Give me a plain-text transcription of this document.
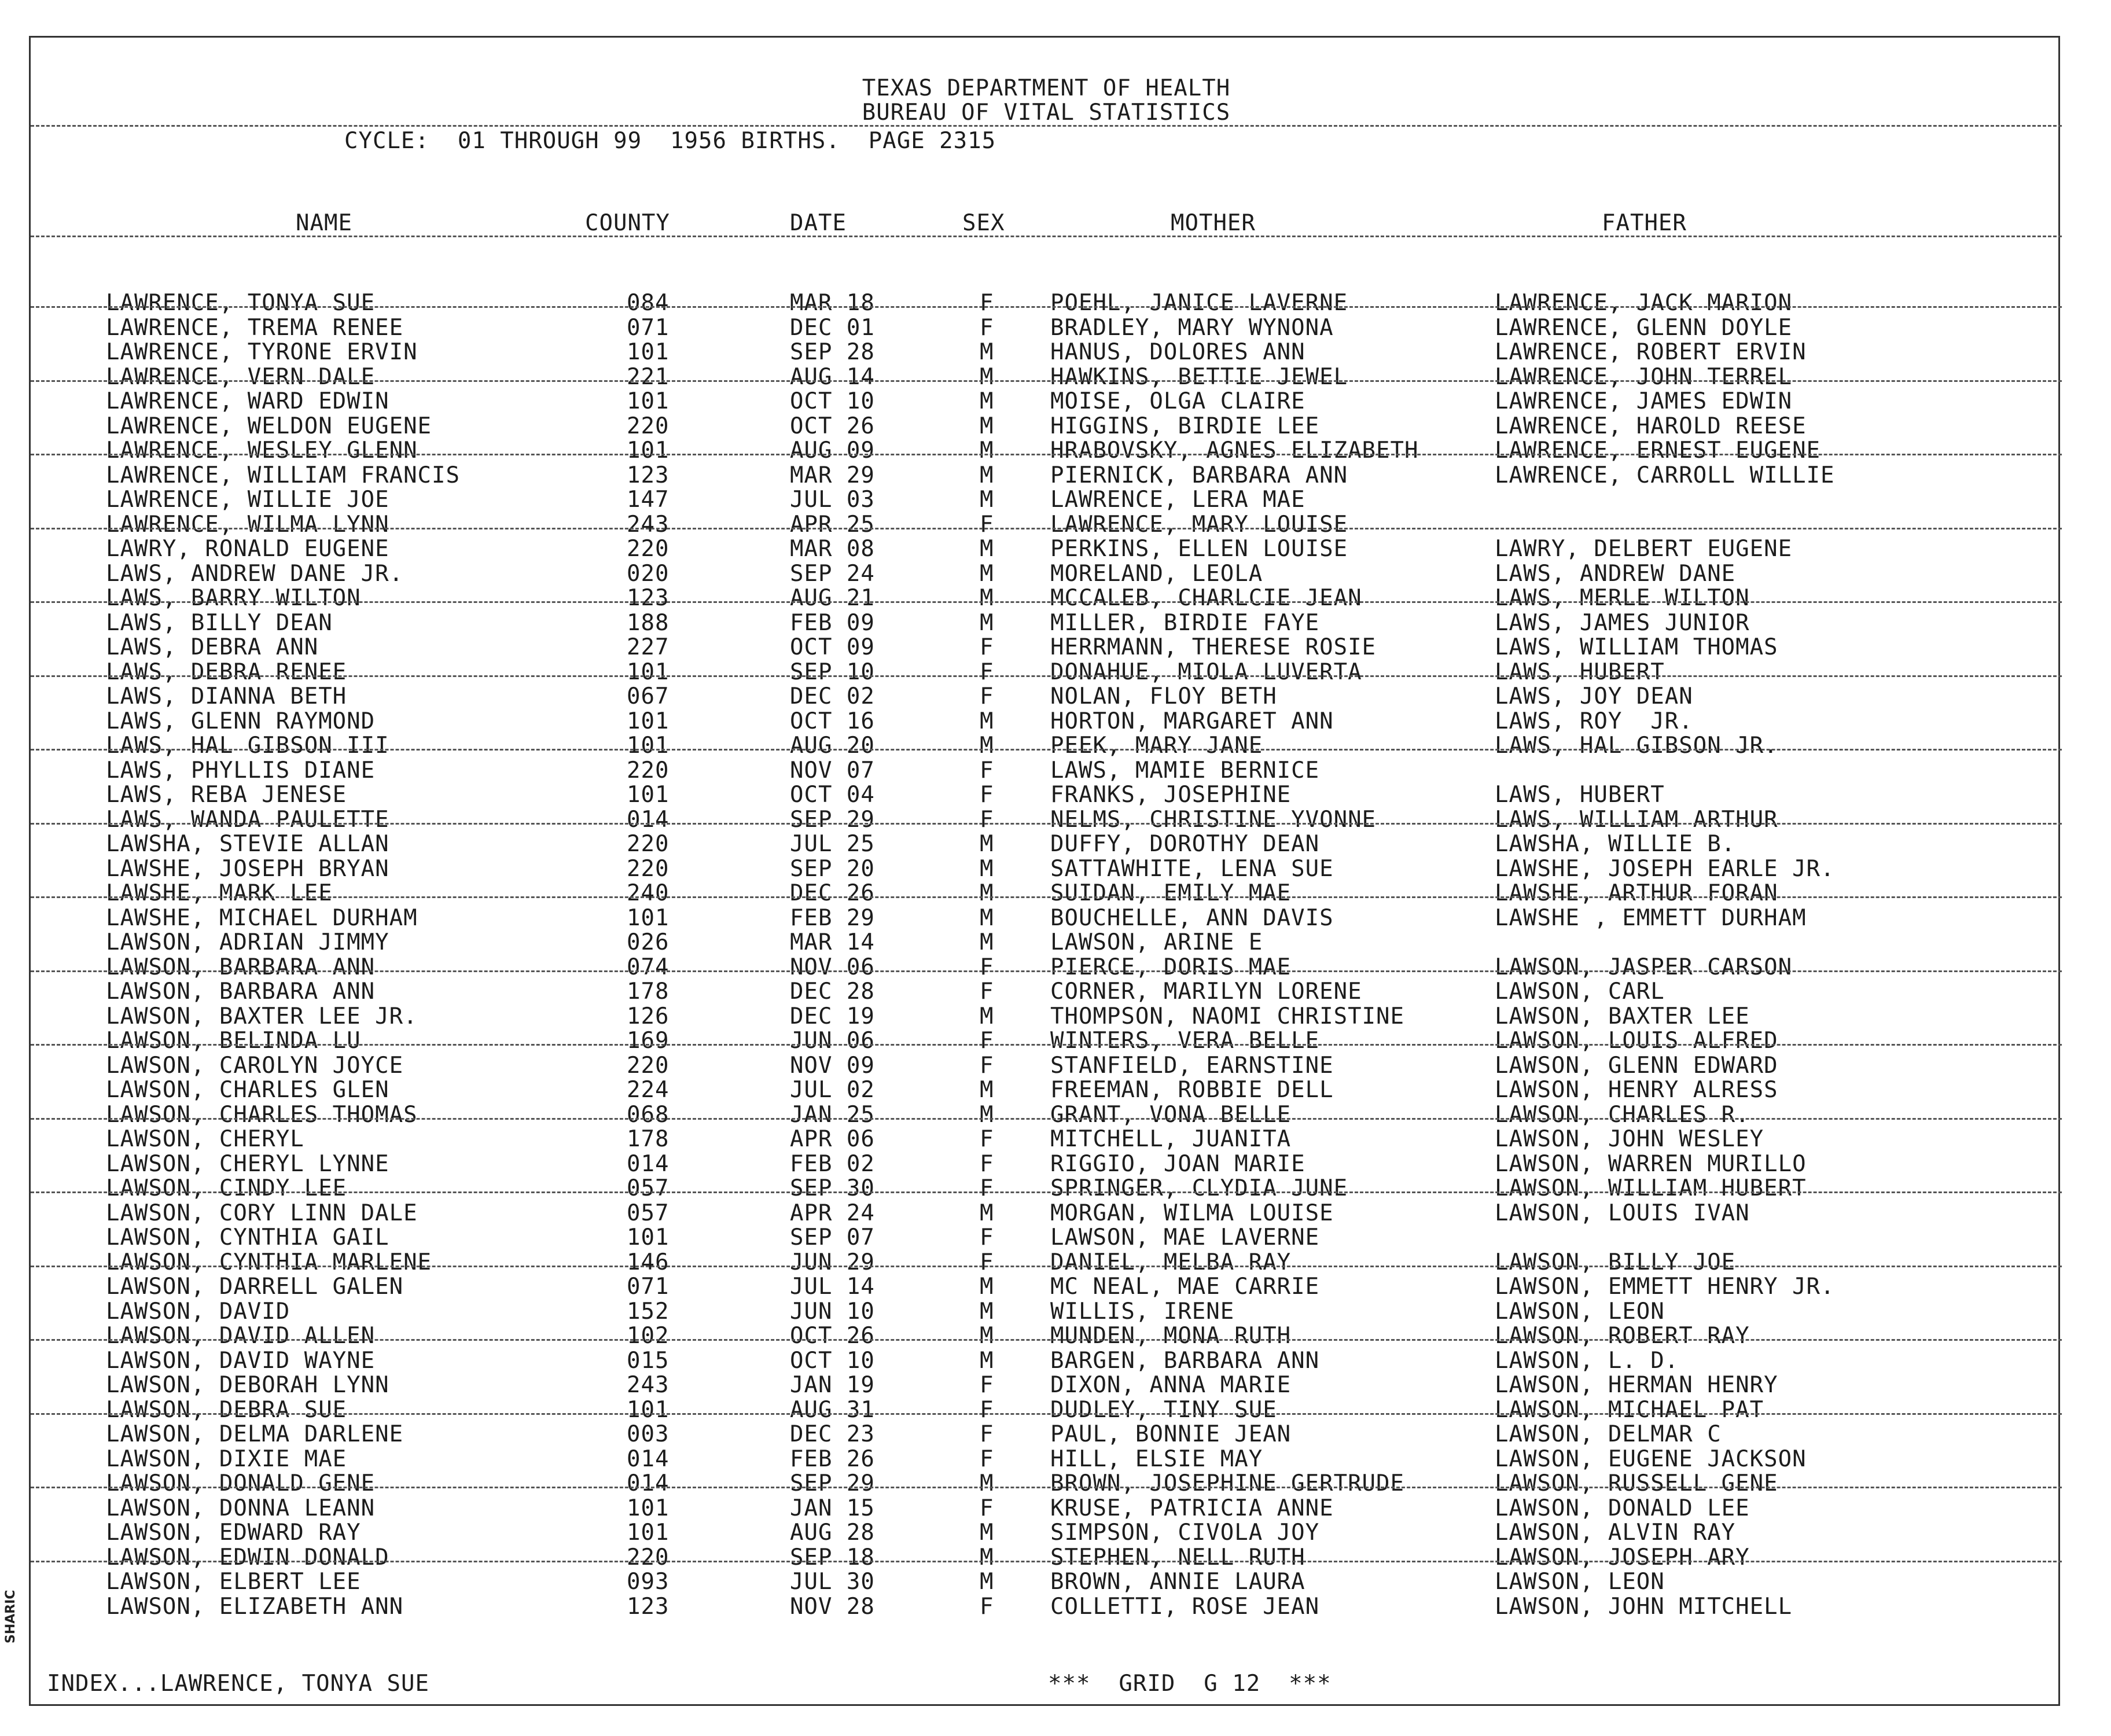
TEXAS DEPARTMENT OF HEALTH
BUREAU OF VITAL STATISTICS
CYCLE:  01 THROUGH 99  1956 BIRTHS.  PAGE 2315
NAME	COUNTY	DATE	SEX	MOTHER	FATHER
LAWRENCE, TONYA SUE	084	MAR 18	F	POEHL, JANICE LAVERNE	LAWRENCE, JACK MARION
LAWRENCE, TREMA RENEE	071	DEC 01	F	BRADLEY, MARY WYNONA	LAWRENCE, GLENN DOYLE
LAWRENCE, TYRONE ERVIN	101	SEP 28	M	HANUS, DOLORES ANN	LAWRENCE, ROBERT ERVIN
LAWRENCE, VERN DALE	221	AUG 14	M	HAWKINS, BETTIE JEWEL	LAWRENCE, JOHN TERREL
LAWRENCE, WARD EDWIN	101	OCT 10	M	MOISE, OLGA CLAIRE	LAWRENCE, JAMES EDWIN
LAWRENCE, WELDON EUGENE	220	OCT 26	M	HIGGINS, BIRDIE LEE	LAWRENCE, HAROLD REESE
LAWRENCE, WESLEY GLENN	101	AUG 09	M	HRABOVSKY, AGNES ELIZABETH	LAWRENCE, ERNEST EUGENE
LAWRENCE, WILLIAM FRANCIS	123	MAR 29	M	PIERNICK, BARBARA ANN	LAWRENCE, CARROLL WILLIE
LAWRENCE, WILLIE JOE	147	JUL 03	M	LAWRENCE, LERA MAE
LAWRENCE, WILMA LYNN	243	APR 25	F	LAWRENCE, MARY LOUISE
LAWRY, RONALD EUGENE	220	MAR 08	M	PERKINS, ELLEN LOUISE	LAWRY, DELBERT EUGENE
LAWS, ANDREW DANE JR.	020	SEP 24	M	MORELAND, LEOLA	LAWS, ANDREW DANE
LAWS, BARRY WILTON	123	AUG 21	M	MCCALEB, CHARLCIE JEAN	LAWS, MERLE WILTON
LAWS, BILLY DEAN	188	FEB 09	M	MILLER, BIRDIE FAYE	LAWS, JAMES JUNIOR
LAWS, DEBRA ANN	227	OCT 09	F	HERRMANN, THERESE ROSIE	LAWS, WILLIAM THOMAS
LAWS, DEBRA RENEE	101	SEP 10	F	DONAHUE, MIOLA LUVERTA	LAWS, HUBERT
LAWS, DIANNA BETH	067	DEC 02	F	NOLAN, FLOY BETH	LAWS, JOY DEAN
LAWS, GLENN RAYMOND	101	OCT 16	M	HORTON, MARGARET ANN	LAWS, ROY  JR.
LAWS, HAL GIBSON III	101	AUG 20	M	PEEK, MARY JANE	LAWS, HAL GIBSON JR.
LAWS, PHYLLIS DIANE	220	NOV 07	F	LAWS, MAMIE BERNICE
LAWS, REBA JENESE	101	OCT 04	F	FRANKS, JOSEPHINE	LAWS, HUBERT
LAWS, WANDA PAULETTE	014	SEP 29	F	NELMS, CHRISTINE YVONNE	LAWS, WILLIAM ARTHUR
LAWSHA, STEVIE ALLAN	220	JUL 25	M	DUFFY, DOROTHY DEAN	LAWSHA, WILLIE B.
LAWSHE, JOSEPH BRYAN	220	SEP 20	M	SATTAWHITE, LENA SUE	LAWSHE, JOSEPH EARLE JR.
LAWSHE, MARK LEE	240	DEC 26	M	SUIDAN, EMILY MAE	LAWSHE, ARTHUR FORAN
LAWSHE, MICHAEL DURHAM	101	FEB 29	M	BOUCHELLE, ANN DAVIS	LAWSHE , EMMETT DURHAM
LAWSON, ADRIAN JIMMY	026	MAR 14	M	LAWSON, ARINE E
LAWSON, BARBARA ANN	074	NOV 06	F	PIERCE, DORIS MAE	LAWSON, JASPER CARSON
LAWSON, BARBARA ANN	178	DEC 28	F	CORNER, MARILYN LORENE	LAWSON, CARL
LAWSON, BAXTER LEE JR.	126	DEC 19	M	THOMPSON, NAOMI CHRISTINE	LAWSON, BAXTER LEE
LAWSON, BELINDA LU	169	JUN 06	F	WINTERS, VERA BELLE	LAWSON, LOUIS ALFRED
LAWSON, CAROLYN JOYCE	220	NOV 09	F	STANFIELD, EARNSTINE	LAWSON, GLENN EDWARD
LAWSON, CHARLES GLEN	224	JUL 02	M	FREEMAN, ROBBIE DELL	LAWSON, HENRY ALRESS
LAWSON, CHARLES THOMAS	068	JAN 25	M	GRANT, VONA BELLE	LAWSON, CHARLES R.
LAWSON, CHERYL	178	APR 06	F	MITCHELL, JUANITA	LAWSON, JOHN WESLEY
LAWSON, CHERYL LYNNE	014	FEB 02	F	RIGGIO, JOAN MARIE	LAWSON, WARREN MURILLO
LAWSON, CINDY LEE	057	SEP 30	F	SPRINGER, CLYDIA JUNE	LAWSON, WILLIAM HUBERT
LAWSON, CORY LINN DALE	057	APR 24	M	MORGAN, WILMA LOUISE	LAWSON, LOUIS IVAN
LAWSON, CYNTHIA GAIL	101	SEP 07	F	LAWSON, MAE LAVERNE
LAWSON, CYNTHIA MARLENE	146	JUN 29	F	DANIEL, MELBA RAY	LAWSON, BILLY JOE
LAWSON, DARRELL GALEN	071	JUL 14	M	MC NEAL, MAE CARRIE	LAWSON, EMMETT HENRY JR.
LAWSON, DAVID	152	JUN 10	M	WILLIS, IRENE	LAWSON, LEON
LAWSON, DAVID ALLEN	102	OCT 26	M	MUNDEN, MONA RUTH	LAWSON, ROBERT RAY
LAWSON, DAVID WAYNE	015	OCT 10	M	BARGEN, BARBARA ANN	LAWSON, L. D.
LAWSON, DEBORAH LYNN	243	JAN 19	F	DIXON, ANNA MARIE	LAWSON, HERMAN HENRY
LAWSON, DEBRA SUE	101	AUG 31	F	DUDLEY, TINY SUE	LAWSON, MICHAEL PAT
LAWSON, DELMA DARLENE	003	DEC 23	F	PAUL, BONNIE JEAN	LAWSON, DELMAR C
LAWSON, DIXIE MAE	014	FEB 26	F	HILL, ELSIE MAY	LAWSON, EUGENE JACKSON
LAWSON, DONALD GENE	014	SEP 29	M	BROWN, JOSEPHINE GERTRUDE	LAWSON, RUSSELL GENE
LAWSON, DONNA LEANN	101	JAN 15	F	KRUSE, PATRICIA ANNE	LAWSON, DONALD LEE
LAWSON, EDWARD RAY	101	AUG 28	M	SIMPSON, CIVOLA JOY	LAWSON, ALVIN RAY
LAWSON, EDWIN DONALD	220	SEP 18	M	STEPHEN, NELL RUTH	LAWSON, JOSEPH ARY
LAWSON, ELBERT LEE	093	JUL 30	M	BROWN, ANNIE LAURA	LAWSON, LEON
LAWSON, ELIZABETH ANN	123	NOV 28	F	COLLETTI, ROSE JEAN	LAWSON, JOHN MITCHELL
INDEX...LAWRENCE, TONYA SUE	***  GRID  G 12  ***
SHARIC
